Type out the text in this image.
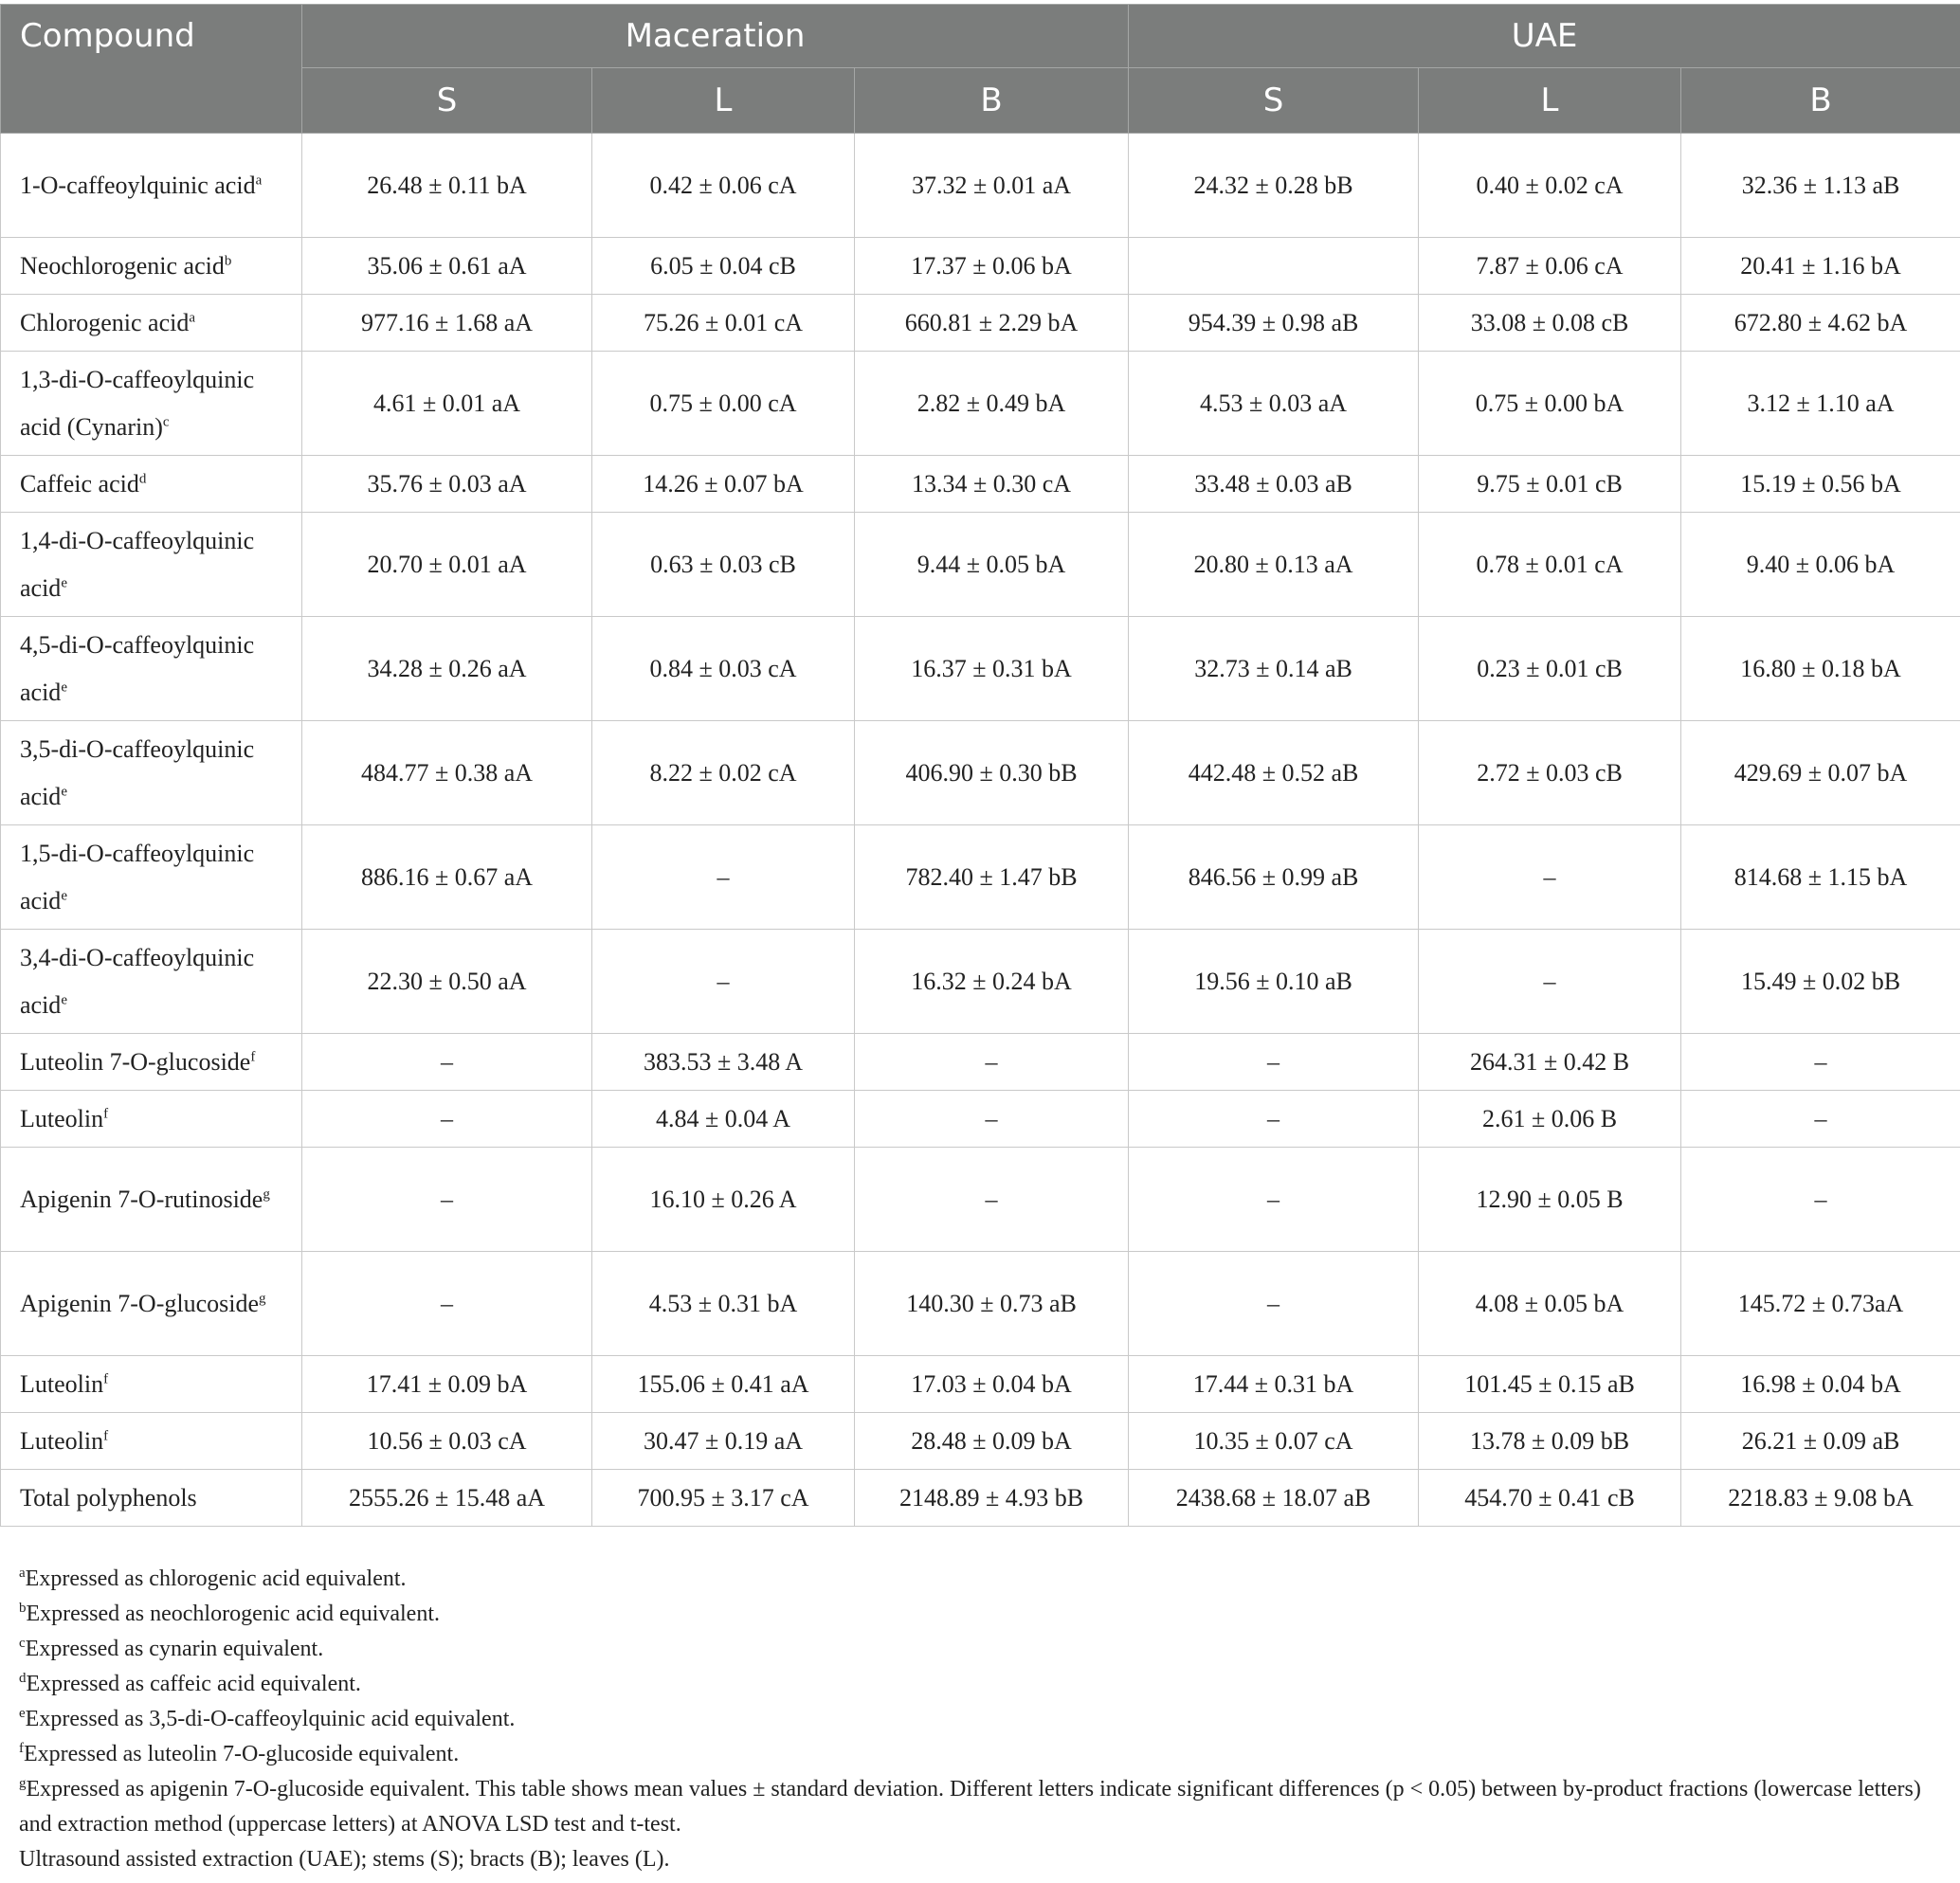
Compound	Maceration			UAE		
	S	L	B	S	L	B
1-O-caffeoylquinic acid$^a$	26.48 ± 0.11 bA	0.42 ± 0.06 cA	37.32 ± 0.01 aA	24.32 ± 0.28 bB	0.40 ± 0.02 cA	32.36 ± 1.13 aB
Neochlorogenic acid$^b$	35.06 ± 0.61 aA	6.05 ± 0.04 cB	17.37 ± 0.06 bA		7.87 ± 0.06 cA	20.41 ± 1.16 bA
Chlorogenic acid$^a$	977.16 ± 1.68 aA	75.26 ± 0.01 cA	660.81 ± 2.29 bA	954.39 ± 0.98 aB	33.08 ± 0.08 cB	672.80 ± 4.62 bA
1,3-di-O-caffeoylquinic acid (Cynarin)$^c$	4.61 ± 0.01 aA	0.75 ± 0.00 cA	2.82 ± 0.49 bA	4.53 ± 0.03 aA	0.75 ± 0.00 bA	3.12 ± 1.10 aA
Caffeic acid$^d$	35.76 ± 0.03 aA	14.26 ± 0.07 bA	13.34 ± 0.30 cA	33.48 ± 0.03 aB	9.75 ± 0.01 cB	15.19 ± 0.56 bA
1,4-di-O-caffeoylquinic acid$^e$	20.70 ± 0.01 aA	0.63 ± 0.03 cB	9.44 ± 0.05 bA	20.80 ± 0.13 aA	0.78 ± 0.01 cA	9.40 ± 0.06 bA
4,5-di-O-caffeoylquinic acid$^e$	34.28 ± 0.26 aA	0.84 ± 0.03 cA	16.37 ± 0.31 bA	32.73 ± 0.14 aB	0.23 ± 0.01 cB	16.80 ± 0.18 bA
3,5-di-O-caffeoylquinic acid$^e$	484.77 ± 0.38 aA	8.22 ± 0.02 cA	406.90 ± 0.30 bB	442.48 ± 0.52 aB	2.72 ± 0.03 cB	429.69 ± 0.07 bA
1,5-di-O-caffeoylquinic acid$^e$	886.16 ± 0.67 aA	–	782.40 ± 1.47 bB	846.56 ± 0.99 aB	–	814.68 ± 1.15 bA
3,4-di-O-caffeoylquinic acid$^e$	22.30 ± 0.50 aA	–	16.32 ± 0.24 bA	19.56 ± 0.10 aB	–	15.49 ± 0.02 bB
Luteolin 7-O-glucoside$^f$	–	383.53 ± 3.48 A	–	–	264.31 ± 0.42 B	–
Luteolin$^f$	–	4.84 ± 0.04 A	–	–	2.61 ± 0.06 B	–
Apigenin 7-O-rutinoside$^g$	–	16.10 ± 0.26 A	–	–	12.90 ± 0.05 B	–
Apigenin 7-O-glucoside$^g$	–	4.53 ± 0.31 bA	140.30 ± 0.73 aB	–	4.08 ± 0.05 bA	145.72 ± 0.73aA
Luteolin$^f$	17.41 ± 0.09 bA	155.06 ± 0.41 aA	17.03 ± 0.04 bA	17.44 ± 0.31 bA	101.45 ± 0.15 aB	16.98 ± 0.04 bA
Luteolin$^f$	10.56 ± 0.03 cA	30.47 ± 0.19 aA	28.48 ± 0.09 bA	10.35 ± 0.07 cA	13.78 ± 0.09 bB	26.21 ± 0.09 aB
Total polyphenols	2555.26 ± 15.48 aA	700.95 ± 3.17 cA	2148.89 ± 4.93 bB	2438.68 ± 18.07 aB	454.70 ± 0.41 cB	2218.83 ± 9.08 bA
$^a$Expressed as chlorogenic acid equivalent.
$^b$Expressed as neochlorogenic acid equivalent.
$^c$Expressed as cynarin equivalent.
$^d$Expressed as caffeic acid equivalent.
$^e$Expressed as 3,5-di-O-caffeoylquinic acid equivalent.
$^f$Expressed as luteolin 7-O-glucoside equivalent.
$^g$Expressed as apigenin 7-O-glucoside equivalent. This table shows mean values ± standard deviation. Different letters indicate significant differences (p < 0.05) between by-product fractions (lowercase letters) and extraction method (uppercase letters) at ANOVA LSD test and t-test.
Ultrasound assisted extraction (UAE); stems (S); bracts (B); leaves (L).
